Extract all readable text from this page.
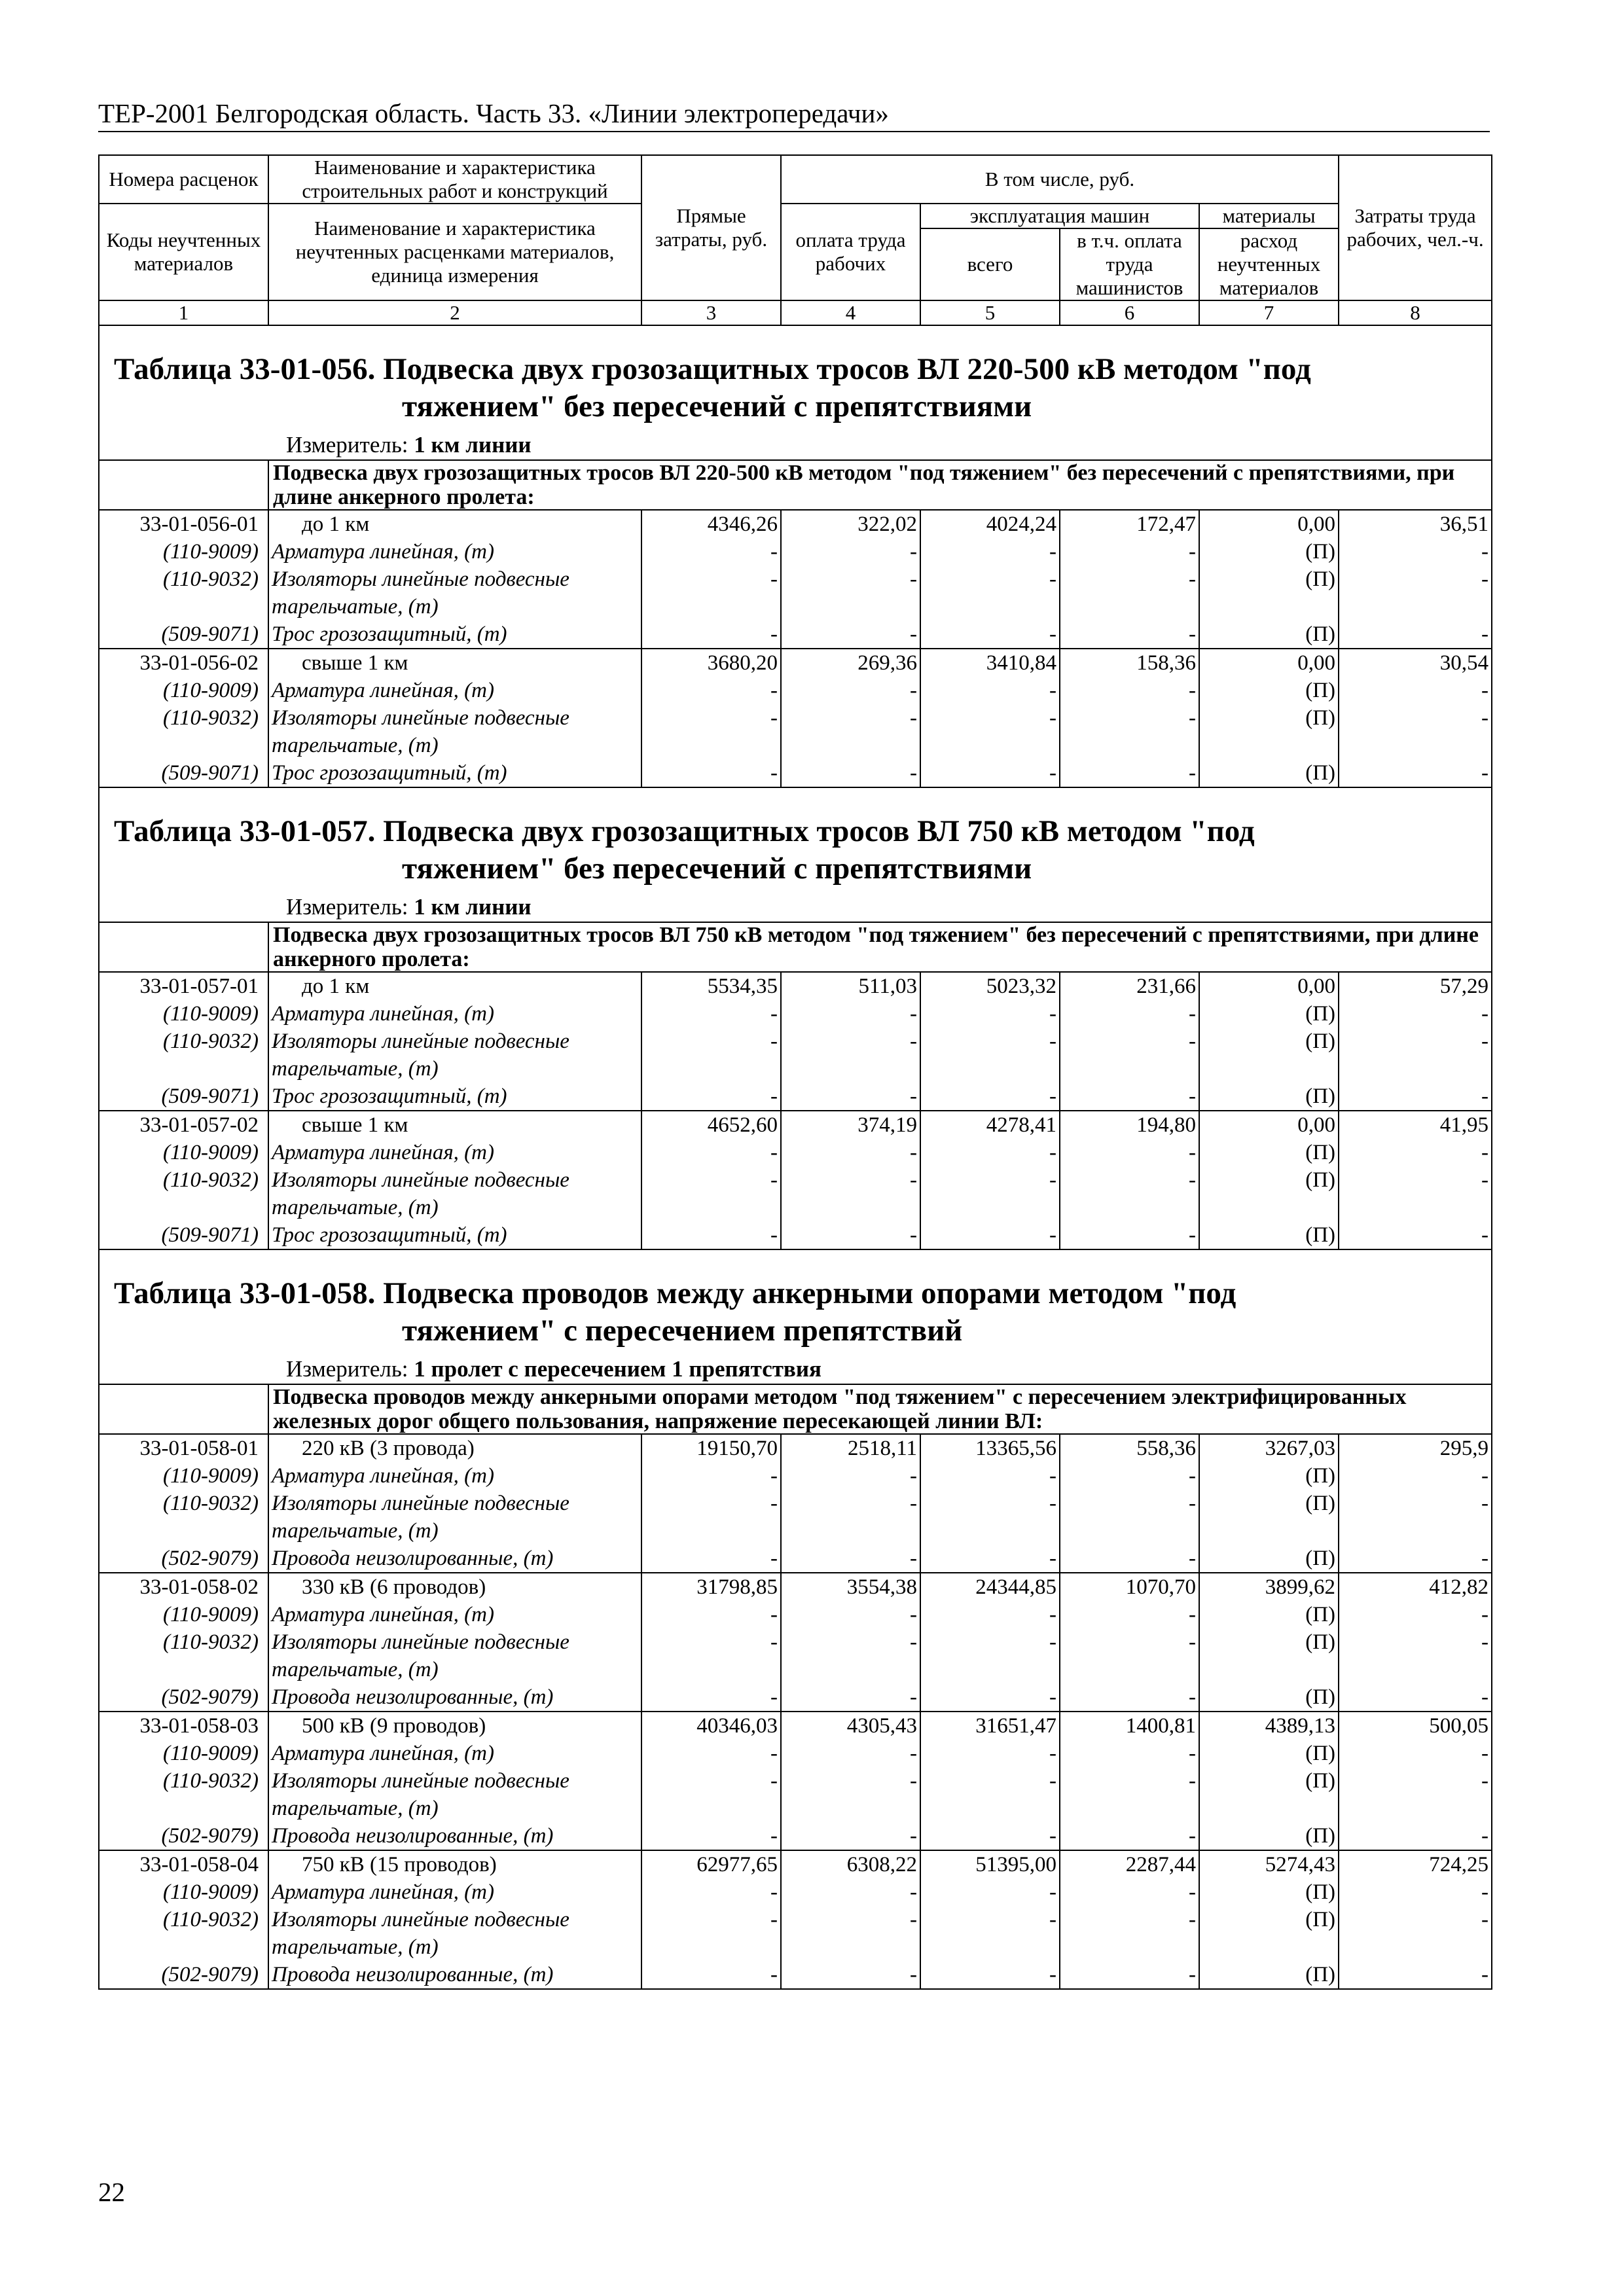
ТЕР-2001 Белгородская область. Часть 33. «Линии электропередачи»
Номера расценок	Наименование и характеристика строительных работ и конструкций	Прямые затраты, руб.	В том числе, руб.				Затраты труда рабочих, чел.-ч.
Коды неучтенных материалов	Наименование и характеристика неучтенных расценками материалов, единица измерения		оплата труда рабочих	эксплуатация машин		материалы	
				всего	в т.ч. оплата труда машинистов	расход неучтенных материалов	
1	2	3	4	5	6	7	8

Таблица 33-01-056. Подвеска двух грозозащитных тросов ВЛ 220-500 кВ методом "под
тяжением" без пересечений с препятствиями
Измеритель: 1 км линии							

	Подвеска двух грозозащитных тросов ВЛ 220-500 кВ методом "под тяжением" без пересечений с препятствиями, при длине анкерного пролета:						
33-01-056-01	до 1 км	4346,26	322,02	4024,24	172,47	0,00	36,51
(110-9009)	Арматура линейная, (т)	-	-	-	-	(П)	-
(110-9032)	Изоляторы линейные подвесные тарельчатые, (т)	-	-	-	-	(П)	-
(509-9071)	Трос грозозащитный, (т)	-	-	-	-	(П)	-
33-01-056-02	свыше 1 км	3680,20	269,36	3410,84	158,36	0,00	30,54
(110-9009)	Арматура линейная, (т)	-	-	-	-	(П)	-
(110-9032)	Изоляторы линейные подвесные тарельчатые, (т)	-	-	-	-	(П)	-
(509-9071)	Трос грозозащитный, (т)	-	-	-	-	(П)	-

Таблица 33-01-057. Подвеска двух грозозащитных тросов ВЛ 750 кВ методом "под
тяжением" без пересечений с препятствиями
Измеритель: 1 км линии							

	Подвеска двух грозозащитных тросов ВЛ 750 кВ методом "под тяжением" без пересечений с препятствиями, при длине анкерного пролета:						
33-01-057-01	до 1 км	5534,35	511,03	5023,32	231,66	0,00	57,29
(110-9009)	Арматура линейная, (т)	-	-	-	-	(П)	-
(110-9032)	Изоляторы линейные подвесные тарельчатые, (т)	-	-	-	-	(П)	-
(509-9071)	Трос грозозащитный, (т)	-	-	-	-	(П)	-
33-01-057-02	свыше 1 км	4652,60	374,19	4278,41	194,80	0,00	41,95
(110-9009)	Арматура линейная, (т)	-	-	-	-	(П)	-
(110-9032)	Изоляторы линейные подвесные тарельчатые, (т)	-	-	-	-	(П)	-
(509-9071)	Трос грозозащитный, (т)	-	-	-	-	(П)	-

Таблица 33-01-058. Подвеска проводов между анкерными опорами методом "под
тяжением" с пересечением препятствий
Измеритель: 1 пролет с пересечением 1 препятствия							

	Подвеска проводов между анкерными опорами методом "под тяжением" с пересечением электрифицированных железных дорог общего пользования, напряжение пересекающей линии ВЛ:						
33-01-058-01	220 кВ (3 провода)	19150,70	2518,11	13365,56	558,36	3267,03	295,9
(110-9009)	Арматура линейная, (т)	-	-	-	-	(П)	-
(110-9032)	Изоляторы линейные подвесные тарельчатые, (т)	-	-	-	-	(П)	-
(502-9079)	Провода неизолированные, (т)	-	-	-	-	(П)	-
33-01-058-02	330 кВ (6 проводов)	31798,85	3554,38	24344,85	1070,70	3899,62	412,82
(110-9009)	Арматура линейная, (т)	-	-	-	-	(П)	-
(110-9032)	Изоляторы линейные подвесные тарельчатые, (т)	-	-	-	-	(П)	-
(502-9079)	Провода неизолированные, (т)	-	-	-	-	(П)	-
33-01-058-03	500 кВ (9 проводов)	40346,03	4305,43	31651,47	1400,81	4389,13	500,05
(110-9009)	Арматура линейная, (т)	-	-	-	-	(П)	-
(110-9032)	Изоляторы линейные подвесные тарельчатые, (т)	-	-	-	-	(П)	-
(502-9079)	Провода неизолированные, (т)	-	-	-	-	(П)	-
33-01-058-04	750 кВ (15 проводов)	62977,65	6308,22	51395,00	2287,44	5274,43	724,25
(110-9009)	Арматура линейная, (т)	-	-	-	-	(П)	-
(110-9032)	Изоляторы линейные подвесные тарельчатые, (т)	-	-	-	-	(П)	-
(502-9079)	Провода неизолированные, (т)	-	-	-	-	(П)	-
22
